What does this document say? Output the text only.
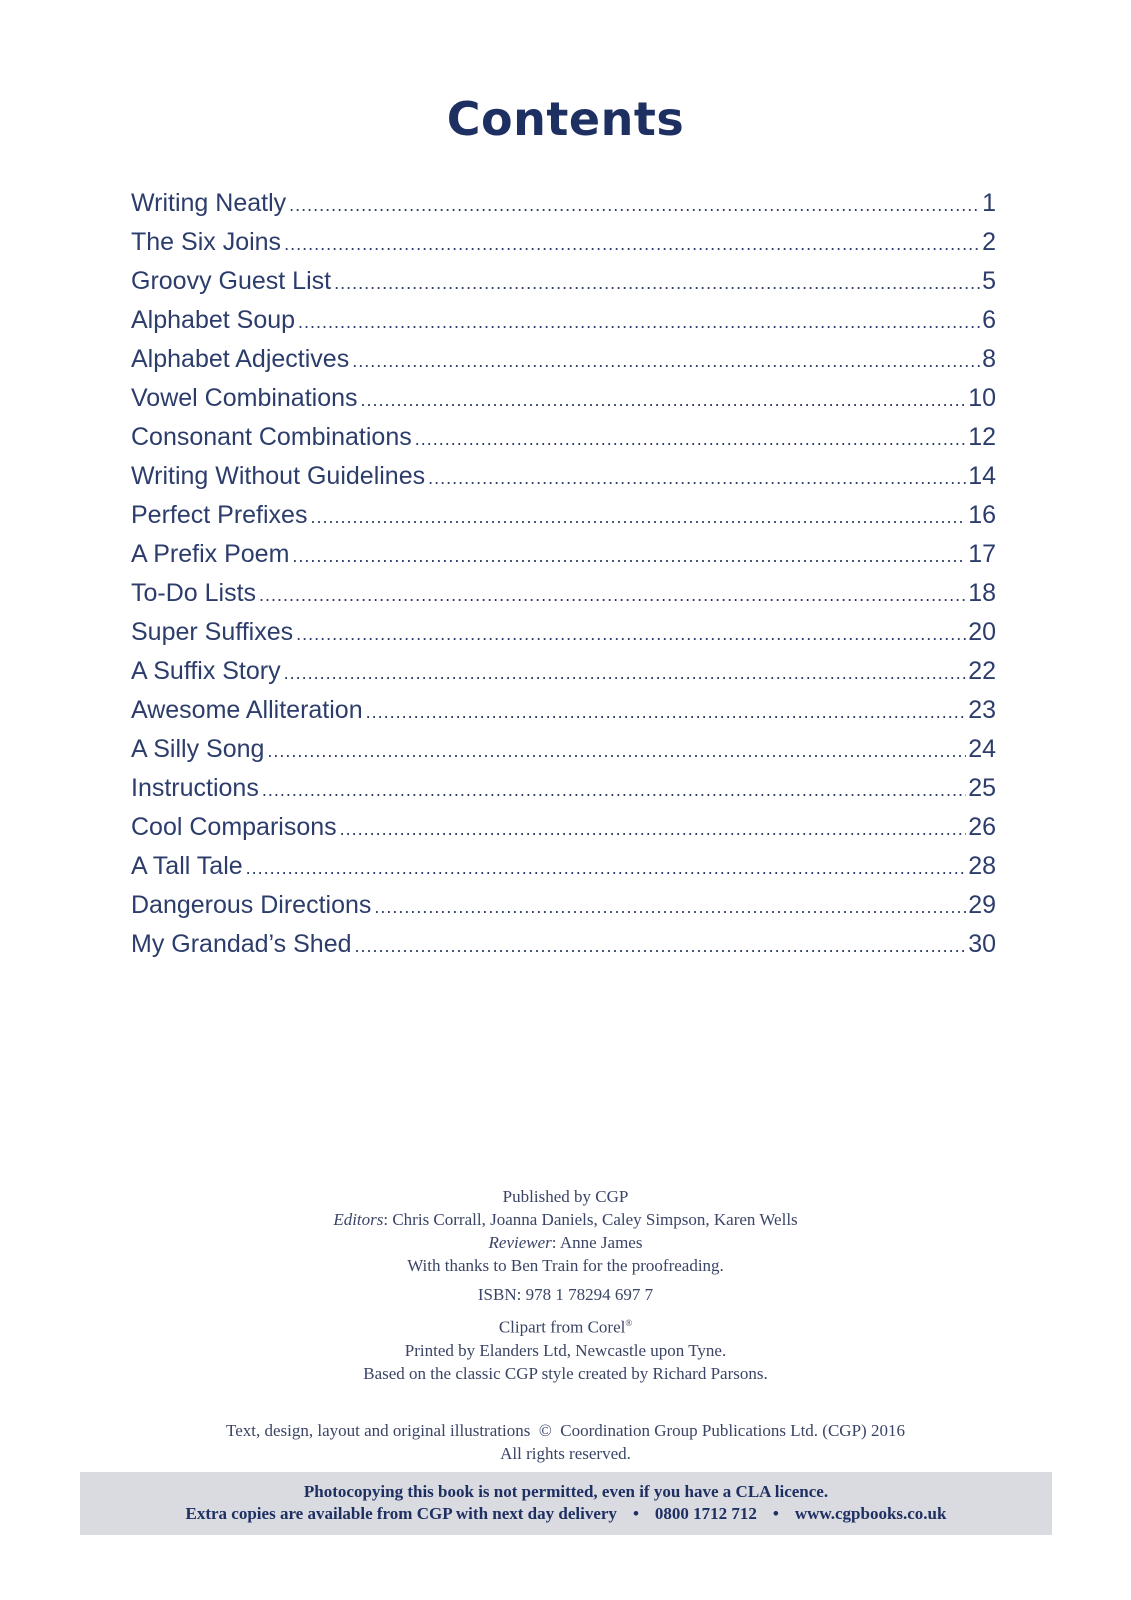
Contents
Writing Neatly .....	1
The Six Joins .....	2
Groovy Guest List .....	5
Alphabet Soup .....	6
Alphabet Adjectives .....	8
Vowel Combinations .....	10
Consonant Combinations .....	12
Writing Without Guidelines .....	14
Perfect Prefixes .....	16
A Prefix Poem .....	17
To-Do Lists .....	18
Super Suffixes .....	20
A Suffix Story .....	22
Awesome Alliteration .....	23
A Silly Song .....	24
Instructions .....	25
Cool Comparisons .....	26
A Tall Tale .....	28
Dangerous Directions .....	29
My Grandad’s Shed .....	30
Published by CGP
Editors: Chris Corrall, Joanna Daniels, Caley Simpson, Karen Wells
Reviewer: Anne James
With thanks to Ben Train for the proofreading.
ISBN: 978 1 78294 697 7
Clipart from Corel®
Printed by Elanders Ltd, Newcastle upon Tyne.
Based on the classic CGP style created by Richard Parsons.
Text, design, layout and original illustrations  ©  Coordination Group Publications Ltd. (CGP) 2016
All rights reserved.
Photocopying this book is not permitted, even if you have a CLA licence.
Extra copies are available from CGP with next day delivery • 0800 1712 712 • www.cgpbooks.co.uk
